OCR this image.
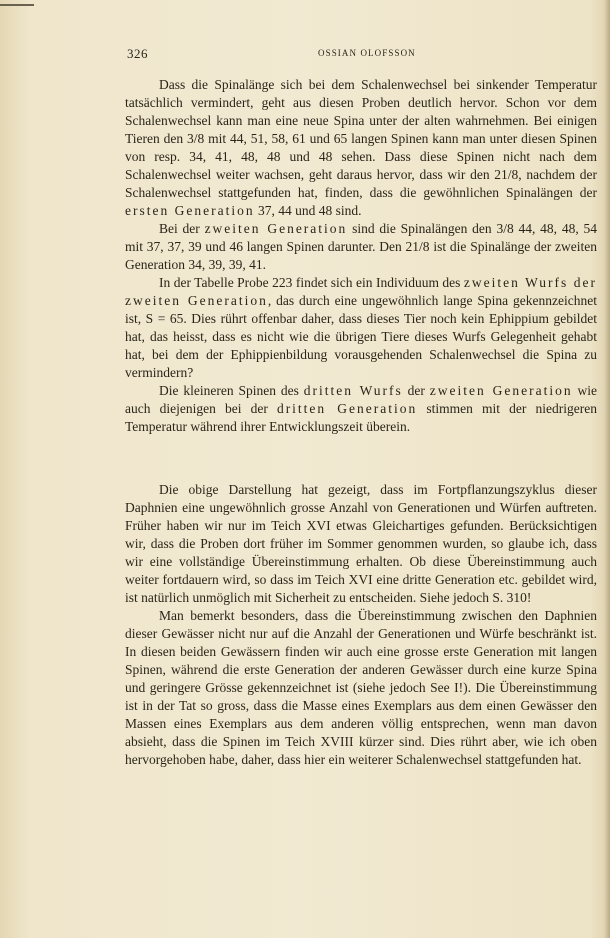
326	OSSIAN OLOFSSON

Dass die Spinalänge sich bei dem Schalenwechsel bei sinkender Temperatur tatsächlich vermindert, geht aus diesen Proben deutlich hervor. Schon vor dem Schalenwechsel kann man eine neue Spina unter der alten wahrnehmen. Bei einigen Tieren den 3/8 mit 44, 51, 58, 61 und 65 langen Spinen kann man unter diesen Spinen von resp. 34, 41, 48, 48 und 48 sehen. Dass diese Spinen nicht nach dem Schalenwechsel weiter wachsen, geht daraus hervor, dass wir den 21/8, nachdem der Schalenwechsel stattgefunden hat, finden, dass die gewöhnlichen Spinalängen der ersten Generation 37, 44 und 48 sind.

Bei der zweiten Generation sind die Spinalängen den 3/8 44, 48, 48, 54 mit 37, 37, 39 und 46 langen Spinen darunter. Den 21/8 ist die Spinalänge der zweiten Generation 34, 39, 39, 41.

In der Tabelle Probe 223 findet sich ein Individuum des zweiten Wurfs der zweiten Generation, das durch eine ungewöhnlich lange Spina gekennzeichnet ist, S = 65. Dies rührt offenbar daher, dass dieses Tier noch kein Ephippium gebildet hat, das heisst, dass es nicht wie die übrigen Tiere dieses Wurfs Gelegenheit gehabt hat, bei dem der Ephippienbildung vorausgehenden Schalenwechsel die Spina zu vermindern?

Die kleineren Spinen des dritten Wurfs der zweiten Generation wie auch diejenigen bei der dritten Generation stimmen mit der niedrigeren Temperatur während ihrer Entwicklungszeit überein.

Die obige Darstellung hat gezeigt, dass im Fortpflanzungszyklus dieser Daphnien eine ungewöhnlich grosse Anzahl von Generationen und Würfen auftreten. Früher haben wir nur im Teich XVI etwas Gleichartiges gefunden. Berücksichtigen wir, dass die Proben dort früher im Sommer genommen wurden, so glaube ich, dass wir eine vollständige Übereinstimmung erhalten. Ob diese Übereinstimmung auch weiter fortdauern wird, so dass im Teich XVI eine dritte Generation etc. gebildet wird, ist natürlich unmöglich mit Sicherheit zu entscheiden. Siehe jedoch S. 310!

Man bemerkt besonders, dass die Übereinstimmung zwischen den Daphnien dieser Gewässer nicht nur auf die Anzahl der Generationen und Würfe beschränkt ist. In diesen beiden Gewässern finden wir auch eine grosse erste Generation mit langen Spinen, während die erste Generation der anderen Gewässer durch eine kurze Spina und geringere Grösse gekennzeichnet ist (siehe jedoch See I!). Die Übereinstimmung ist in der Tat so gross, dass die Masse eines Exemplars aus dem einen Gewässer den Massen eines Exemplars aus dem anderen völlig entsprechen, wenn man davon absieht, dass die Spinen im Teich XVIII kürzer sind. Dies rührt aber, wie ich oben hervorgehoben habe, daher, dass hier ein weiterer Schalenwechsel stattgefunden hat.
